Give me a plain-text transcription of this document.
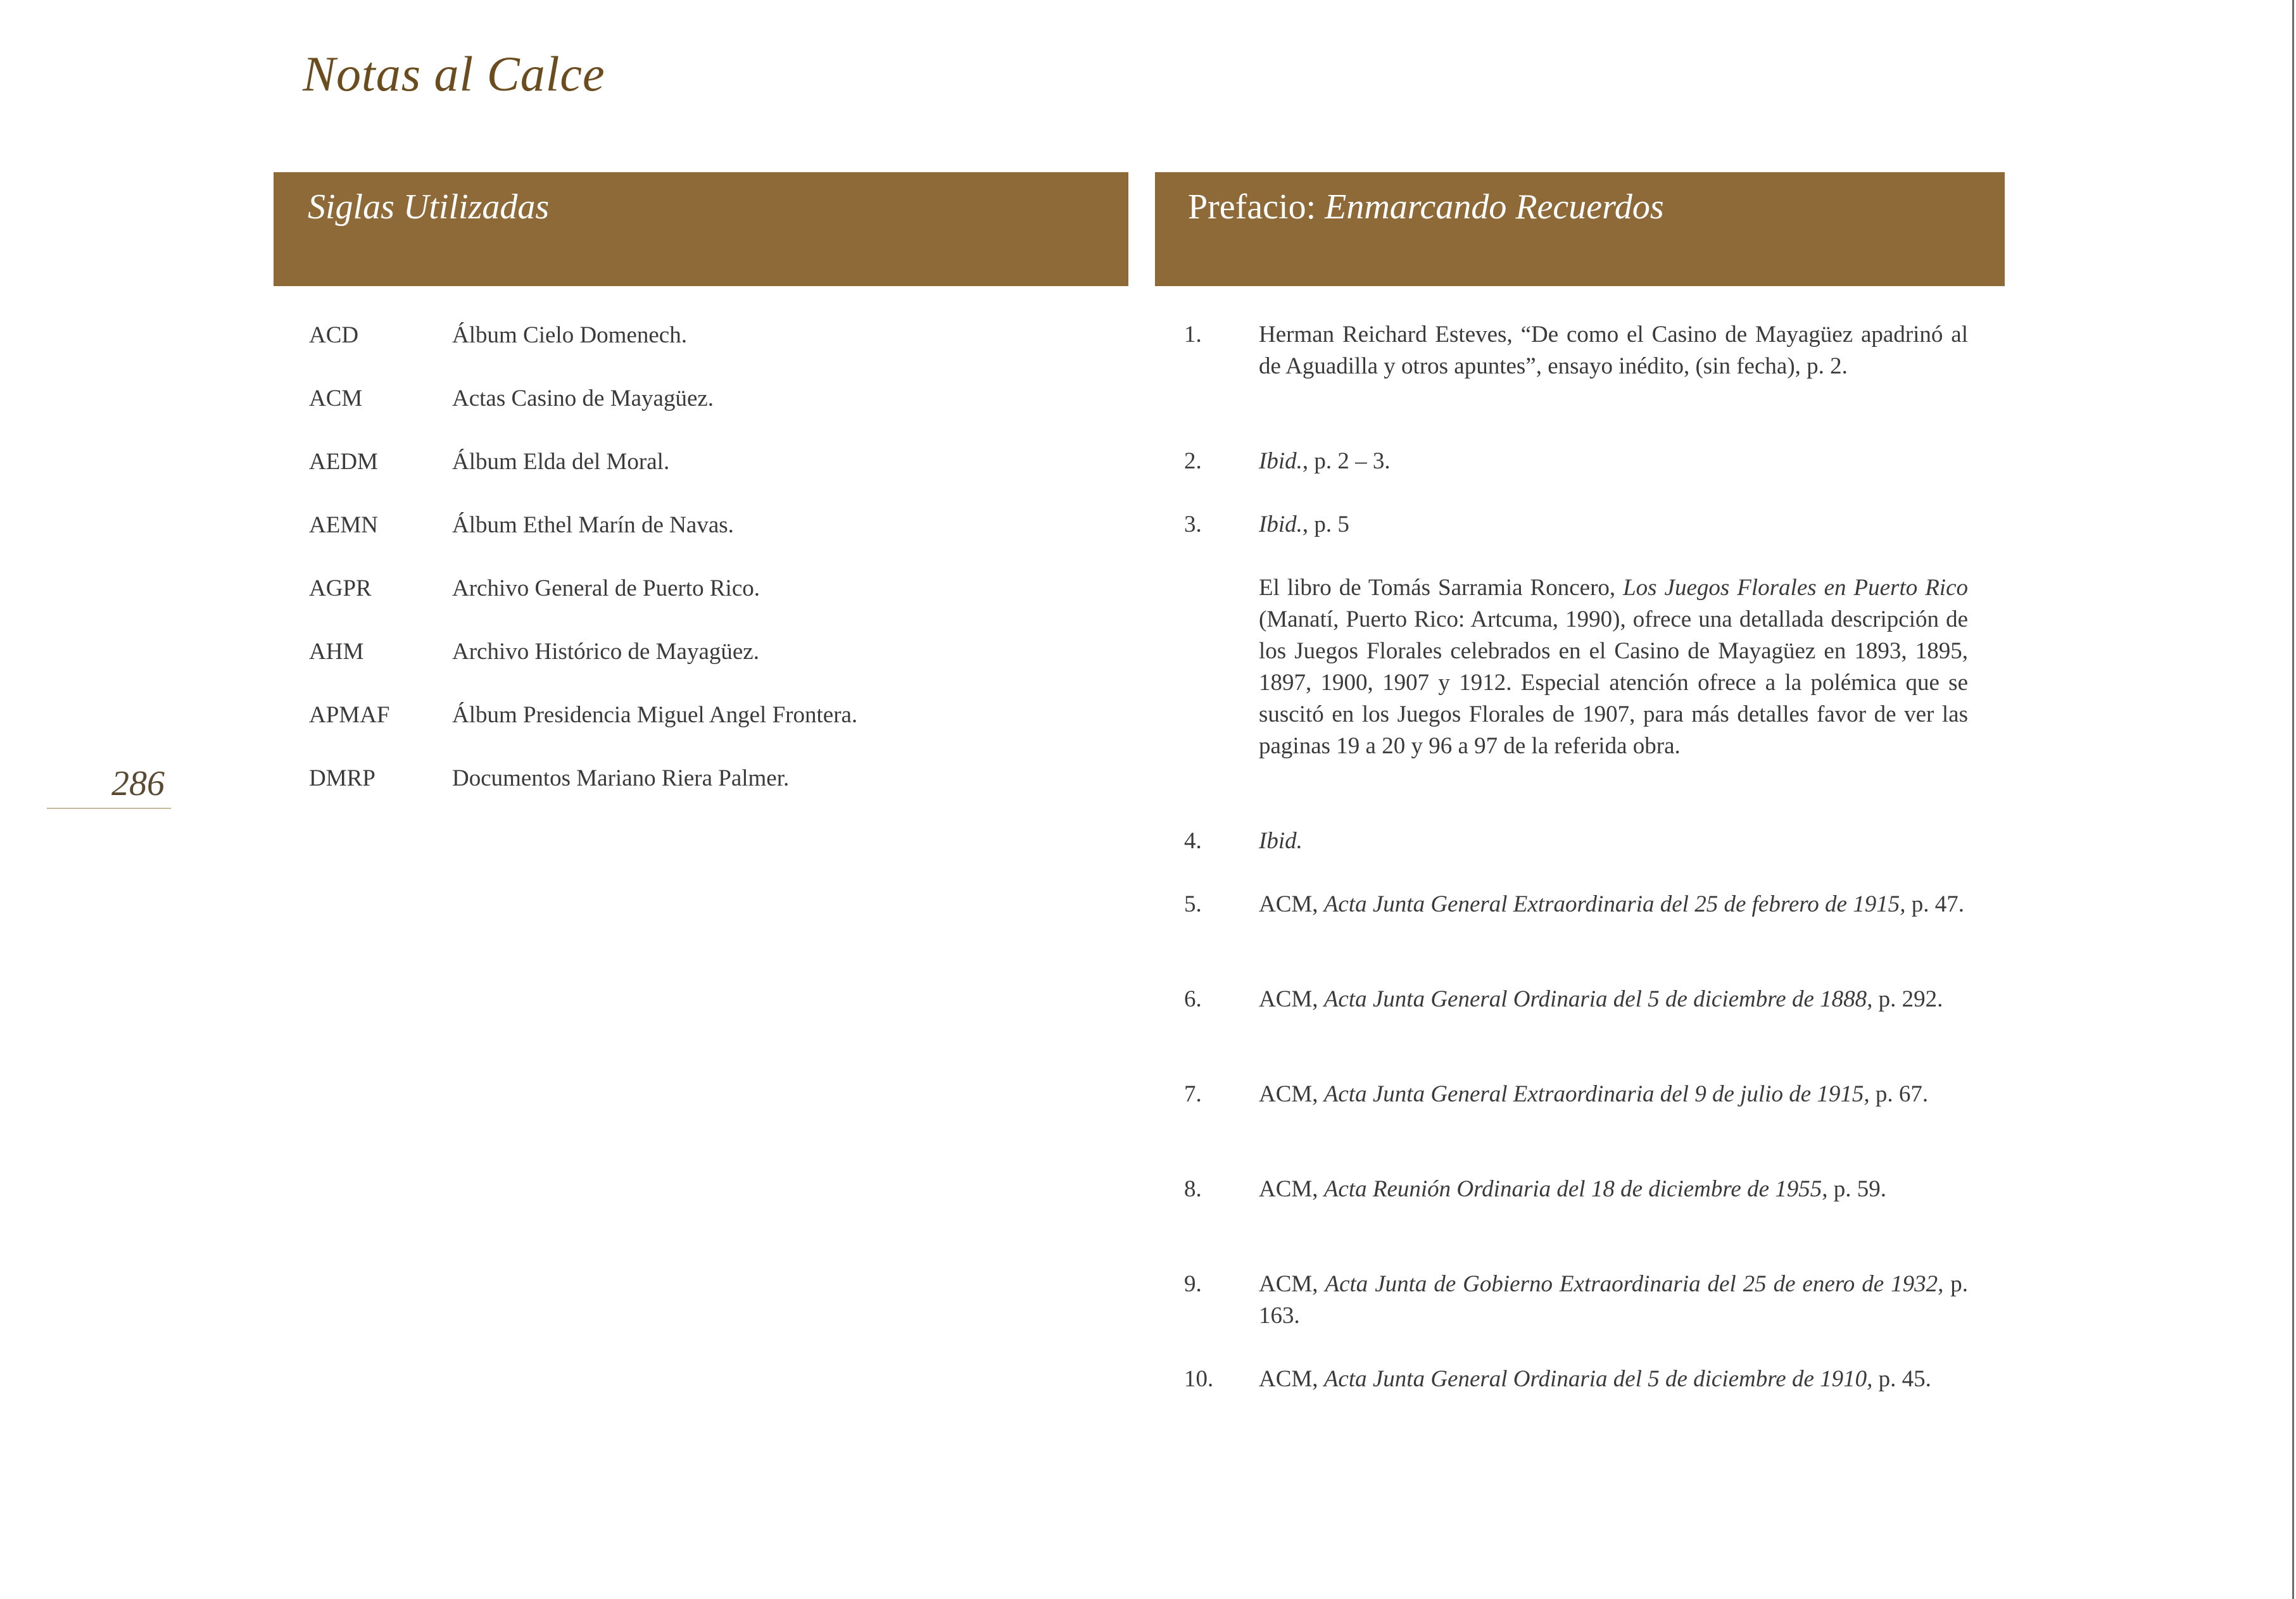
Notas al Calce
Siglas Utilizadas	Prefacio: Enmarcando Recuerdos
ACD	Álbum Cielo Domenech.
ACM	Actas Casino de Mayagüez.
AEDM	Álbum Elda del Moral.
AEMN	Álbum Ethel Marín de Navas.
AGPR	Archivo General de Puerto Rico.
AHM	Archivo Histórico de Mayagüez.
APMAF	Álbum Presidencia Miguel Angel Frontera.
DMRP	Documentos Mariano Riera Palmer.
286
1. Herman Reichard Esteves, “De como el Casino de Mayagüez apadrinó al de Aguadilla y otros apuntes”, ensayo inédito, (sin fecha), p. 2.
2. Ibid., p. 2 – 3.
3. Ibid., p. 5
El libro de Tomás Sarramia Roncero, Los Juegos Florales en Puerto Rico (Manatí, Puerto Rico: Artcuma, 1990), ofrece una detallada descripción de los Juegos Florales celebrados en el Casino de Mayagüez en 1893, 1895, 1897, 1900, 1907 y 1912. Especial atención ofrece a la polémica que se suscitó en los Juegos Florales de 1907, para más detalles favor de ver las paginas 19 a 20 y 96 a 97 de la referida obra.
4. Ibid.
5. ACM, Acta Junta General Extraordinaria del 25 de febrero de 1915, p. 47.
6. ACM, Acta Junta General Ordinaria del 5 de diciembre de 1888, p. 292.
7. ACM, Acta Junta General Extraordinaria del 9 de julio de 1915, p. 67.
8. ACM, Acta Reunión Ordinaria del 18 de diciembre de 1955, p. 59.
9. ACM, Acta Junta de Gobierno Extraordinaria del 25 de enero de 1932, p. 163.
10. ACM, Acta Junta General Ordinaria del 5 de diciembre de 1910, p. 45.
